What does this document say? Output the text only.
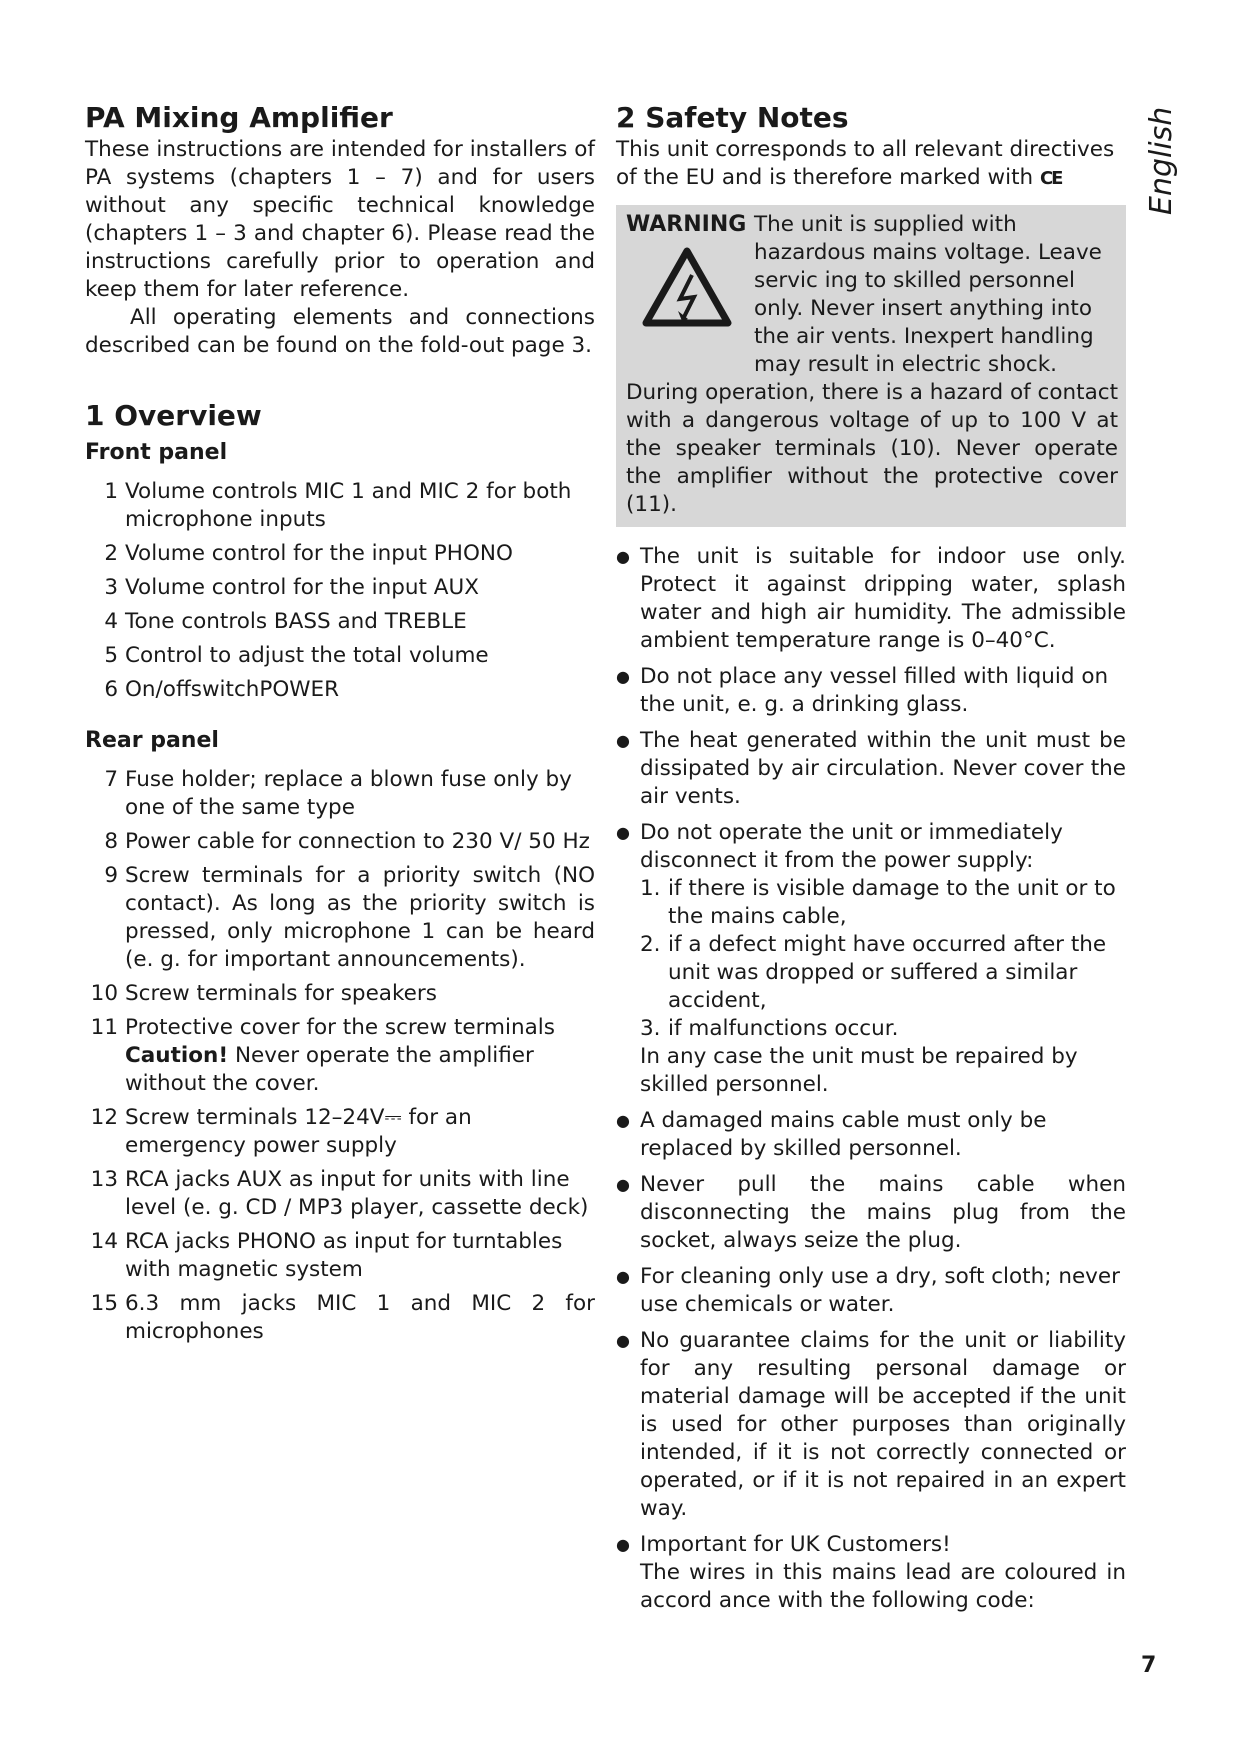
English
PA Mixing Amplifier

These instructions are intended for installers of PA systems (chapters 1 – 7) and for users without any specific technical knowledge (chapters 1 – 3 and chapter 6). Please read the instructions carefully prior to operation and keep them for later reference.

All operating elements and connections described can be found on the fold-out page 3.

1 Overview
Front panel
1 Volume controls MIC 1 and MIC 2 for both microphone inputs
2 Volume control for the input PHONO
3 Volume control for the input AUX
4 Tone controls BASS and TREBLE
5 Control to adjust the total volume
6 On/offswitchPOWER
Rear panel
7 Fuse holder; replace a blown fuse only by one of the same type
8 Power cable for connection to 230 V/ 50 Hz
9 Screw terminals for a priority switch (NO contact). As long as the priority switch is pressed, only microphone 1 can be heard (e. g. for important announcements).
10 Screw terminals for speakers
11 Protective cover for the screw terminals
Caution! Never operate the amplifier without the cover.
12 Screw terminals 12–24V⎓ for an emergency power supply
13 RCA jacks AUX as input for units with line level (e. g. CD / MP3 player, cassette deck)
14 RCA jacks PHONO as input for turntables with magnetic system
15 6.3 mm jacks MIC 1 and MIC 2 for microphones
2 Safety Notes

This unit corresponds to all relevant directives of the EU and is therefore marked with CE

WARNING The unit is supplied with hazardous mains voltage. Leave servic ing to skilled personnel only. Never insert anything into the air vents. Inexpert handling may result in electric shock.

During operation, there is a hazard of contact with a dangerous voltage of up to 100 V at the speaker terminals (10). Never operate the amplifier without the protective cover (11).

● The unit is suitable for indoor use only. Protect it against dripping water, splash water and high air humidity. The admissible ambient temperature range is 0–40°C.
● Do not place any vessel filled with liquid on the unit, e. g. a drinking glass.
● The heat generated within the unit must be dissipated by air circulation. Never cover the air vents.
● Do not operate the unit or immediately disconnect it from the power supply:
1. if there is visible damage to the unit or to the mains cable,
2. if a defect might have occurred after the unit was dropped or suffered a similar accident,
3. if malfunctions occur.
In any case the unit must be repaired by skilled personnel.
● A damaged mains cable must only be replaced by skilled personnel.
● Never pull the mains cable when disconnecting the mains plug from the socket, always seize the plug.
● For cleaning only use a dry, soft cloth; never use chemicals or water.
● No guarantee claims for the unit or liability for any resulting personal damage or material damage will be accepted if the unit is used for other purposes than originally intended, if it is not correctly connected or operated, or if it is not repaired in an expert way.
● Important for UK Customers!
The wires in this mains lead are coloured in accord ance with the following code:
7
